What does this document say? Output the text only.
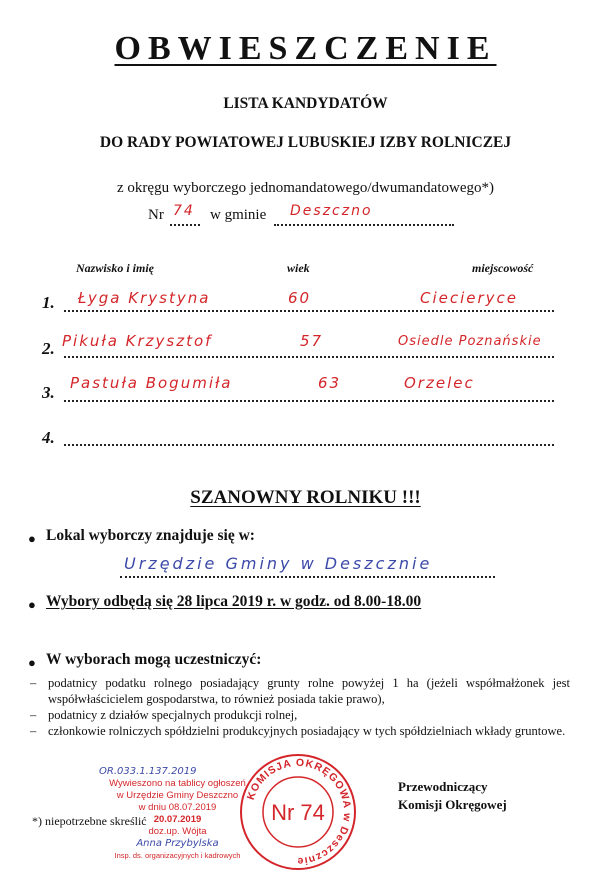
OBWIESZCZENIE
LISTA KANDYDATÓW
DO RADY POWIATOWEJ LUBUSKIEJ IZBY ROLNICZEJ
z okręgu wyborczego jednomandatowego/dwumandatowego*)
Nr 74 w gminie Deszczno
Nazwisko i imię	wiek	miejscowość
1. Łyga Krystyna	60	Ciecieryce
2. Pikuła Krzysztof	57	Osiedle Poznańskie
3. Pastuła Bogumiła	63	Orzelec
4.
SZANOWNY ROLNIKU !!!
● Lokal wyborczy znajduje się w:
Urzędzie Gminy w Deszcznie
● Wybory odbędą się 28 lipca 2019 r. w godz. od 8.00-18.00
● W wyborach mogą uczestniczyć:
– podatnicy podatku rolnego posiadający grunty rolne powyżej 1 ha (jeżeli współmałżonek jest współwłaścicielem gospodarstwa, to również posiada takie prawo),
– podatnicy z działów specjalnych produkcji rolnej,
– członkowie rolniczych spółdzielni produkcyjnych posiadający w tych spółdzielniach wkłady gruntowe.
Przewodniczący
Komisji Okręgowej
*) niepotrzebne skreślić
OR.033.1.137.2019
Wywieszono na tablicy ogłoszeń
w Urzędzie Gminy Deszczno
w dniu 08.07.2019
20.07.2019
doz.up. Wójta
Anna Przybylska
Insp. ds. organizacyjnych i kadrowych
KOMISJA OKRĘGOWA w Deszcznie
Nr 74
